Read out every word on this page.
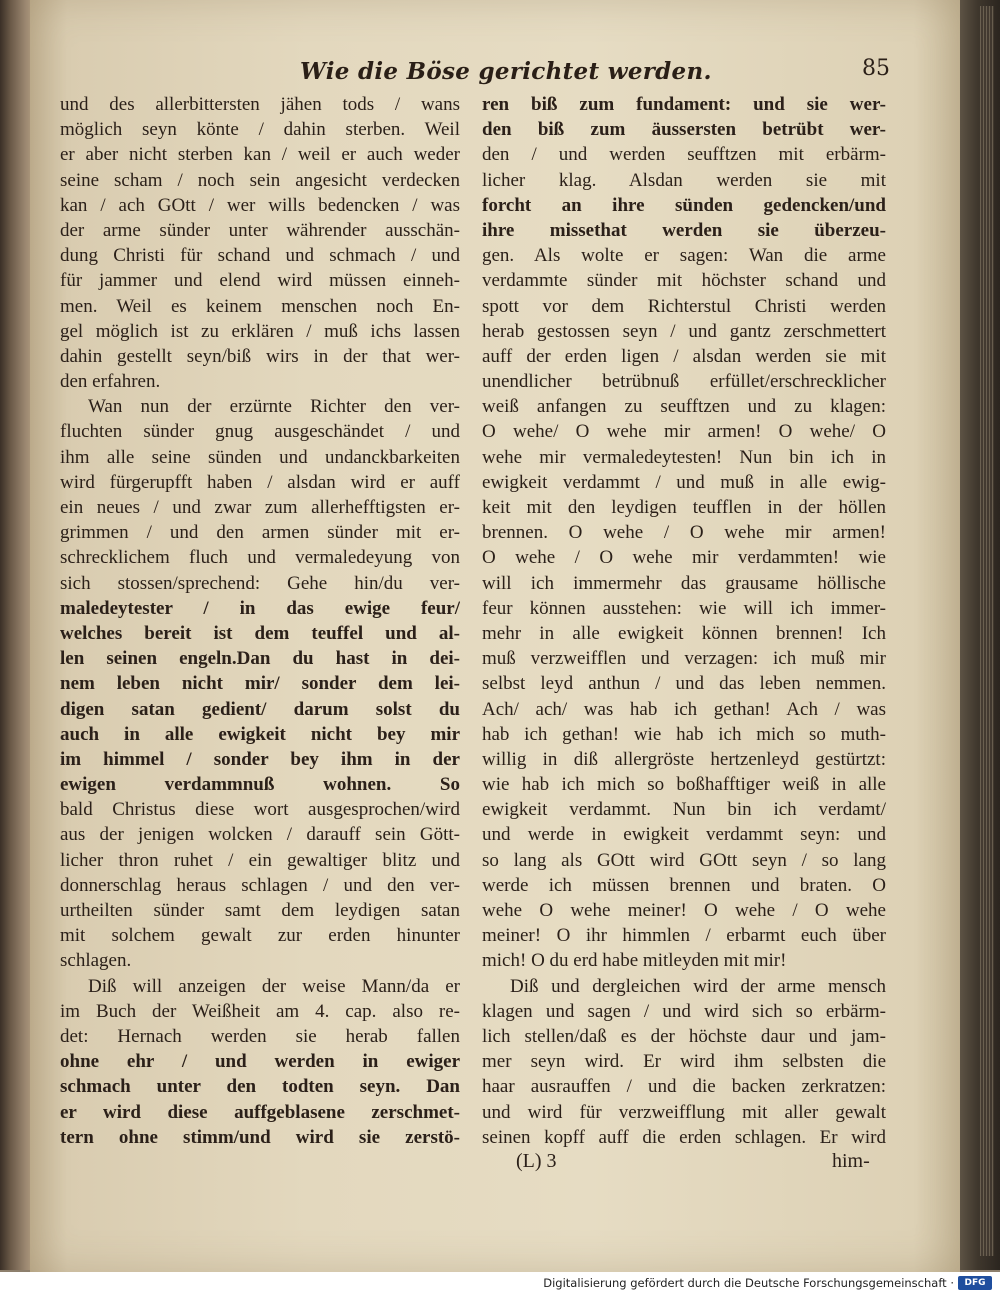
Wie die Böse gerichtet werden.	85
und des allerbittersten jähen tods / wans
möglich seyn könte / dahin sterben. Weil
er aber nicht sterben kan / weil er auch weder
seine scham / noch sein angesicht verdecken
kan / ach GOtt / wer wills bedencken / was
der arme sünder unter währender ausschän-
dung Christi für schand und schmach / und
für jammer und elend wird müssen einneh-
men. Weil es keinem menschen noch En-
gel möglich ist zu erklären / muß ichs lassen
dahin gestellt seyn/biß wirs in der that wer-
den erfahren.
Wan nun der erzürnte Richter den ver-
fluchten sünder gnug ausgeschändet / und
ihm alle seine sünden und undanckbarkeiten
wird fürgerupfft haben / alsdan wird er auff
ein neues / und zwar zum allerhefftigsten er-
grimmen / und den armen sünder mit er-
schrecklichem fluch und vermaledeyung von
sich stossen/sprechend: Gehe hin/du ver-
maledeytester / in das ewige feur/
welches bereit ist dem teuffel und al-
len seinen engeln.Dan du hast in dei-
nem leben nicht mir/ sonder dem lei-
digen satan gedient/ darum solst du
auch in alle ewigkeit nicht bey mir
im himmel / sonder bey ihm in der
ewigen verdammnuß wohnen. So
bald Christus diese wort ausgesprochen/wird
aus der jenigen wolcken / darauff sein Gött-
licher thron ruhet / ein gewaltiger blitz und
donnerschlag heraus schlagen / und den ver-
urtheilten sünder samt dem leydigen satan
mit solchem gewalt zur erden hinunter
schlagen.
Diß will anzeigen der weise Mann/da er
im Buch der Weißheit am 4. cap. also re-
det: Hernach werden sie herab fallen
ohne ehr / und werden in ewiger
schmach unter den todten seyn. Dan
er wird diese auffgeblasene zerschmet-
tern ohne stimm/und wird sie zerstö-
ren biß zum fundament: und sie wer-
den biß zum äussersten betrübt wer-
den / und werden seufftzen mit erbärm-
licher klag. Alsdan werden sie mit
forcht an ihre sünden gedencken/und
ihre missethat werden sie überzeu-
gen. Als wolte er sagen: Wan die arme
verdammte sünder mit höchster schand und
spott vor dem Richterstul Christi werden
herab gestossen seyn / und gantz zerschmettert
auff der erden ligen / alsdan werden sie mit
unendlicher betrübnuß erfüllet/erschrecklicher
weiß anfangen zu seufftzen und zu klagen:
O wehe/ O wehe mir armen! O wehe/ O
wehe mir vermaledeytesten! Nun bin ich in
ewigkeit verdammt / und muß in alle ewig-
keit mit den leydigen teufflen in der höllen
brennen. O wehe / O wehe mir armen!
O wehe / O wehe mir verdammten! wie
will ich immermehr das grausame höllische
feur können ausstehen: wie will ich immer-
mehr in alle ewigkeit können brennen! Ich
muß verzweifflen und verzagen: ich muß mir
selbst leyd anthun / und das leben nemmen.
Ach/ ach/ was hab ich gethan! Ach / was
hab ich gethan! wie hab ich mich so muth-
willig in diß allergröste hertzenleyd gestürtzt:
wie hab ich mich so boßhafftiger weiß in alle
ewigkeit verdammt. Nun bin ich verdamt/
und werde in ewigkeit verdammt seyn: und
so lang als GOtt wird GOtt seyn / so lang
werde ich müssen brennen und braten. O
wehe O wehe meiner! O wehe / O wehe
meiner! O ihr himmlen / erbarmt euch über
mich! O du erd habe mitleyden mit mir!
Diß und dergleichen wird der arme mensch
klagen und sagen / und wird sich so erbärm-
lich stellen/daß es der höchste daur und jam-
mer seyn wird. Er wird ihm selbsten die
haar ausrauffen / und die backen zerkratzen:
und wird für verzweifflung mit aller gewalt
seinen kopff auff die erden schlagen. Er wird
(L) 3	him-
Digitalisierung gefördert durch die Deutsche Forschungsgemeinschaft ·	DFG
